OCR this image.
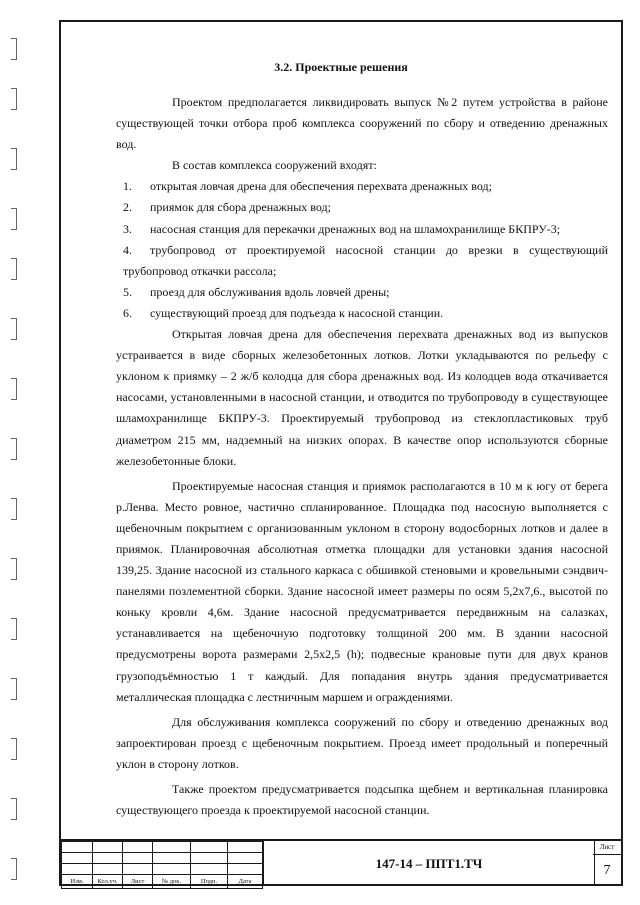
3.2. Проектные решения

Проектом предполагается ликвидировать выпуск №2 путем устройства в районе существующей точки отбора проб комплекса сооружений по сбору и отведению дренажных вод.

В состав комплекса сооружений входят:

1.	открытая ловчая дрена для обеспечения перехвата дренажных вод;

2.	приямок для сбора дренажных вод;

3.	насосная станция для перекачки дренажных вод на шламохранилище БКПРУ-3;

4. трубопровод от проектируемой насосной станции до врезки в существующий трубопровод откачки рассола;

5.	проезд для обслуживания вдоль ловчей дрены;

6.	существующий проезд для подъезда к насосной станции.

Открытая ловчая дрена для обеспечения перехвата дренажных вод из выпусков устраивается в виде сборных железобетонных лотков. Лотки укладываются по рельефу с уклоном к приямку – 2 ж/б колодца для сбора дренажных вод. Из колодцев вода откачивается насосами, установленными в насосной станции, и отводится по трубопроводу в существующее шламохранилище БКПРУ-3. Проектируемый трубопровод из стеклопластиковых труб диаметром 215 мм, надземный на низких опорах. В качестве опор используются сборные железобетонные блоки.

Проектируемые насосная станция и приямок располагаются в 10 м к югу от берега р.Ленва. Место ровное, частично спланированное. Площадка под насосную выполняется с щебеночным покрытием с организованным уклоном в сторону водосборных лотков и далее в приямок. Планировочная абсолютная отметка площадки для установки здания насосной 139,25. Здание насосной из стального каркаса с обшивкой стеновыми и кровельными сэндвич-панелями позлементной сборки. Здание насосной имеет размеры по осям 5,2х7,6., высотой по коньку кровли 4,6м. Здание насосной предусматривается передвижным на салазках, устанавливается на щебеночную подготовку толщиной 200 мм. В здании насосной предусмотрены ворота размерами 2,5х2,5 (h); подвесные крановые пути для двух кранов грузоподъёмностью 1 т каждый. Для попадания внутрь здания предусматривается металлическая площадка с лестничным маршем и ограждениями.

Для обслуживания комплекса сооружений по сбору и отведению дренажных вод запроектирован проезд с щебеночным покрытием. Проезд имеет продольный и поперечный уклон в сторону лотков.

Также проектом предусматривается подсыпка щебнем и вертикальная планировка существующего проезда к проектируемой насосной станции.

Изм.	Кол.уч.	Лист	№ док.	Подп.	Дата
147-14 – ППТ1.ТЧ
Лист
7
